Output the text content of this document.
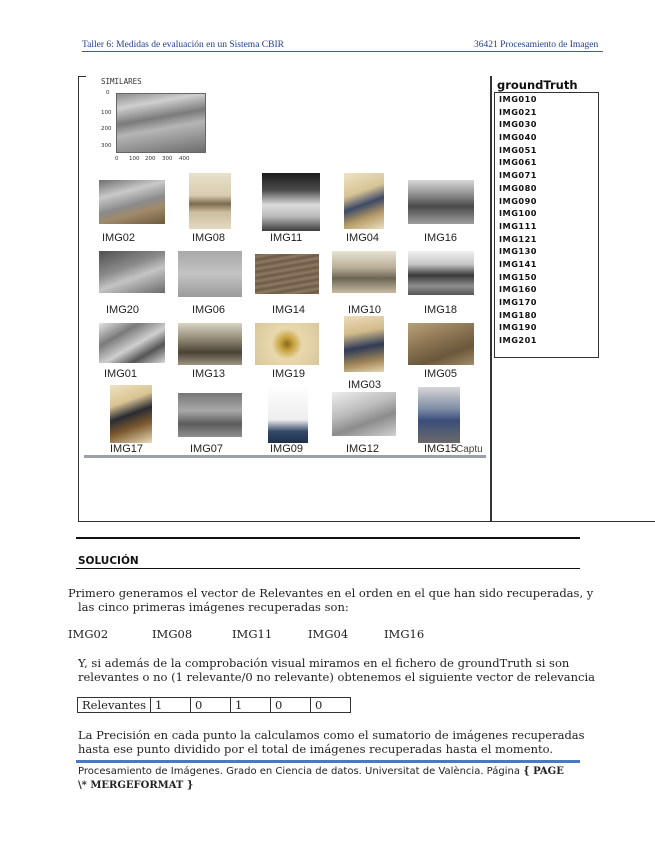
Taller 6: Medidas de evaluación en un Sistema CBIR	36421 Procesamiento de Imagen
SIMILARES
0
100
200
300
0 100 200 300 400
IMG02	IMG08	IMG11	IMG04	IMG16
IMG20	IMG06	IMG14	IMG10	IMG18
IMG01	IMG13	IMG19
IMG03
IMG05
IMG17	IMG07	IMG09	IMG12	IMG15
Captu
groundTruth
IMG010
IMG021
IMG030
IMG040
IMG051
IMG061
IMG071
IMG080
IMG090
IMG100
IMG111
IMG121
IMG130
IMG141
IMG150
IMG160
IMG170
IMG180
IMG190
IMG201
SOLUCIÓN
Primero generamos el vector de Relevantes en el orden en el que han sido recuperadas, y
las cinco primeras imágenes recuperadas son:
IMG02	IMG08	IMG11	IMG04	IMG16
Y, si además de la comprobación visual miramos en el fichero de groundTruth si son
relevantes o no (1 relevante/0 no relevante) obtenemos el siguiente vector de relevancia
Relevantes	1	0	1	0	0
La Precisión en cada punto la calculamos como el sumatorio de imágenes recuperadas
hasta ese punto dividido por el total de imágenes recuperadas hasta el momento.
Procesamiento de Imágenes. Grado en Ciencia de datos. Universitat de València. Página { PAGE
\* MERGEFORMAT }
